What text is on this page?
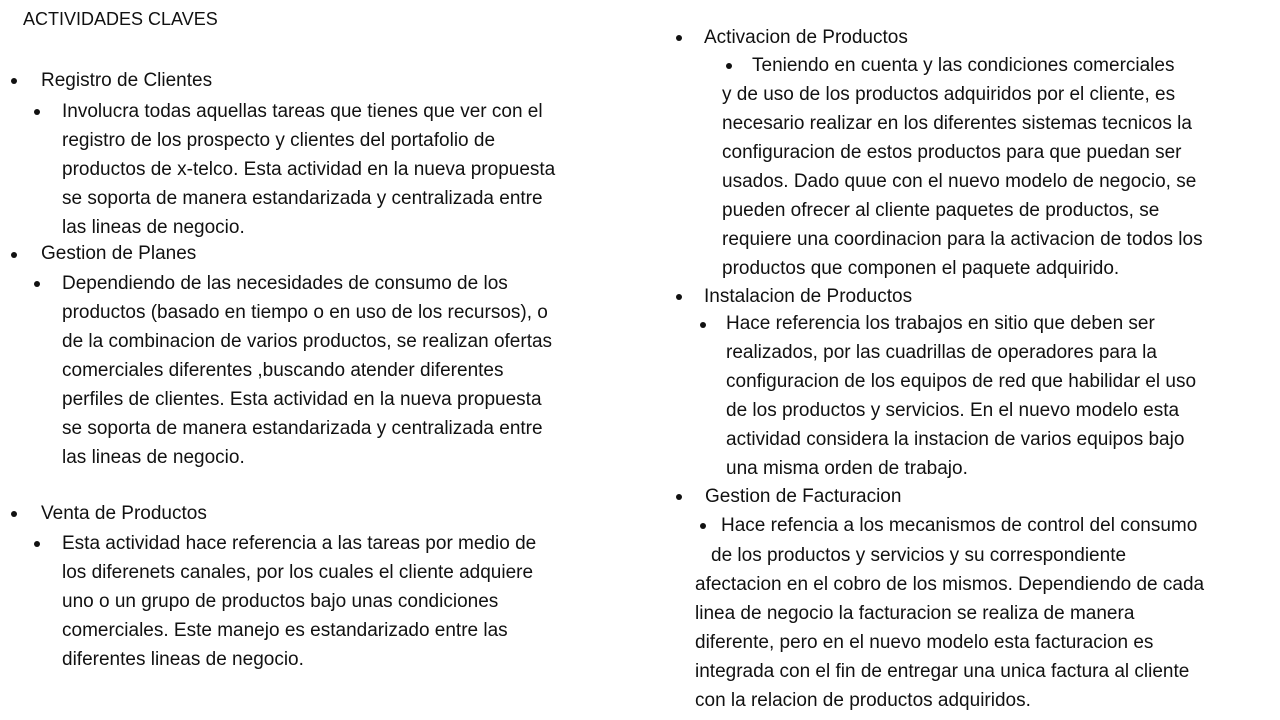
ACTIVIDADES CLAVES
Registro de Clientes
Involucra todas aquellas tareas que tienes que ver con el
registro de los prospecto y clientes del portafolio de
productos de x-telco. Esta actividad en la nueva propuesta
se soporta de manera estandarizada y centralizada entre
las lineas de negocio.
Gestion de Planes
Dependiendo de las necesidades de consumo de los
productos (basado en tiempo o en uso de los recursos), o
de la combinacion de varios productos, se realizan ofertas
comerciales diferentes ,buscando atender diferentes
perfiles de clientes. Esta actividad en la nueva propuesta
se soporta de manera estandarizada y centralizada entre
las lineas de negocio.
Venta de Productos
Esta actividad hace referencia a las tareas por medio de
los diferenets canales, por los cuales el cliente adquiere
uno o un grupo de productos bajo unas condiciones
comerciales. Este manejo es estandarizado entre las
diferentes lineas de negocio.
Activacion de Productos
Teniendo en cuenta y las condiciones comerciales
y de uso de los productos adquiridos por el cliente, es
necesario realizar en los diferentes sistemas tecnicos la
configuracion de estos productos para que puedan ser
usados. Dado quue con el nuevo modelo de negocio, se
pueden ofrecer al cliente paquetes de productos, se
requiere una coordinacion para la activacion de todos los
productos que componen el paquete adquirido.
Instalacion de Productos
Hace referencia los trabajos en sitio que deben ser
realizados, por las cuadrillas de operadores para la
configuracion de los equipos de red que habilidar el uso
de los productos y servicios. En el nuevo modelo esta
actividad considera la instacion de varios equipos bajo
una misma orden de trabajo.
Gestion de Facturacion
Hace refencia a los mecanismos de control del consumo
de los productos y servicios y su correspondiente
afectacion en el cobro de los mismos. Dependiendo de cada
linea de negocio la facturacion se realiza de manera
diferente, pero en el nuevo modelo esta facturacion es
integrada con el fin de entregar una unica factura al cliente
con la relacion de productos adquiridos.
